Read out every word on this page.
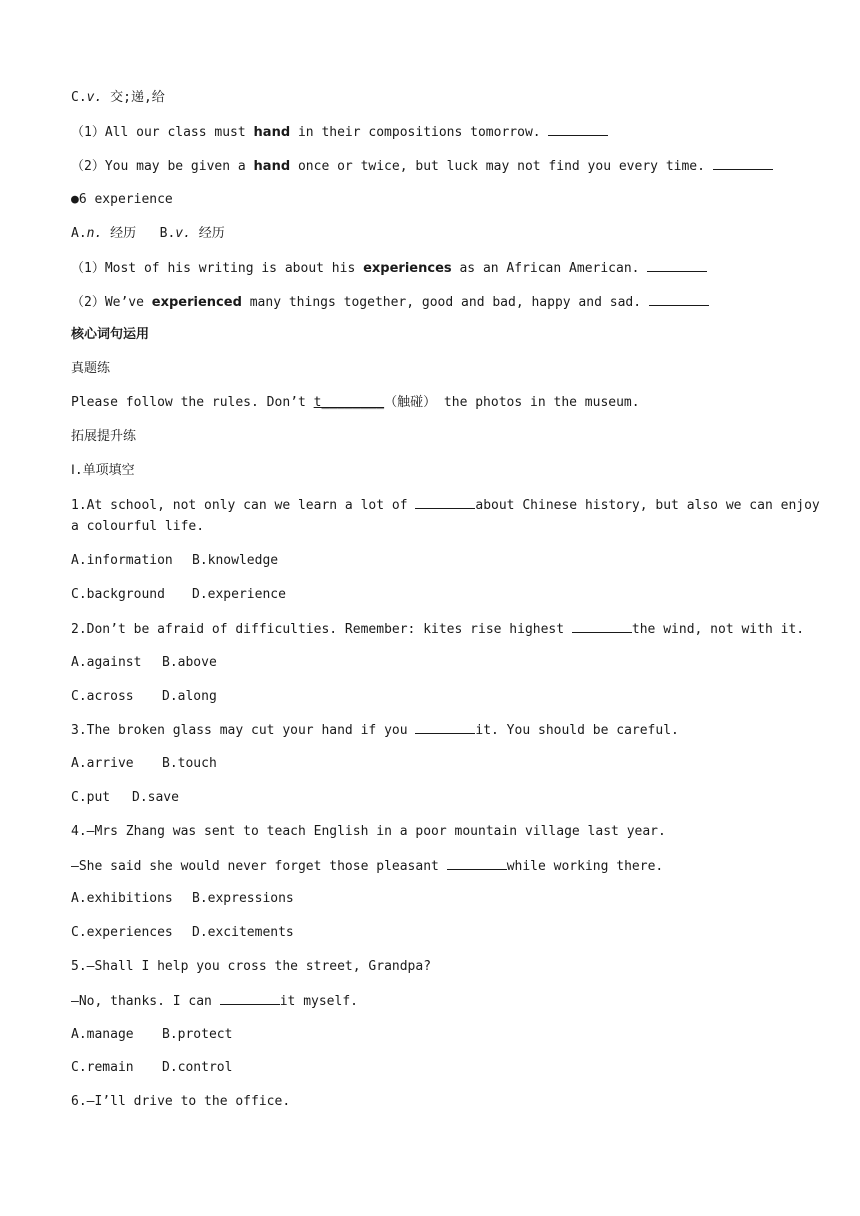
C.v. 交;递,给
（1）All our class must hand in their compositions tomorrow.
（2）You may be given a hand once or twice, but luck may not find you every time.
●6 experience
A.n. 经历   B.v. 经历
（1）Most of his writing is about his experiences as an African American.
（2）We’ve experienced many things together, good and bad, happy and sad.
核心词句运用
真题练
Please follow the rules. Don’t t________（触碰） the photos in the museum.
拓展提升练
Ⅰ.单项填空
1.At school, not only can we learn a lot of	about Chinese history, but also we can enjoy
a colourful life.
A.information B.knowledge
C.background D.experience
2.Don’t be afraid of difficulties. Remember: kites rise highest	the wind, not with it.
A.against B.above
C.across D.along
3.The broken glass may cut your hand if you	it. You should be careful.
A.arrive B.touch
C.put D.save
4.—Mrs Zhang was sent to teach English in a poor mountain village last year.
—She said she would never forget those pleasant	while working there.
A.exhibitions B.expressions
C.experiences D.excitements
5.—Shall I help you cross the street, Grandpa?
—No, thanks. I can	it myself.
A.manage B.protect
C.remain D.control
6.—I’ll drive to the office.
